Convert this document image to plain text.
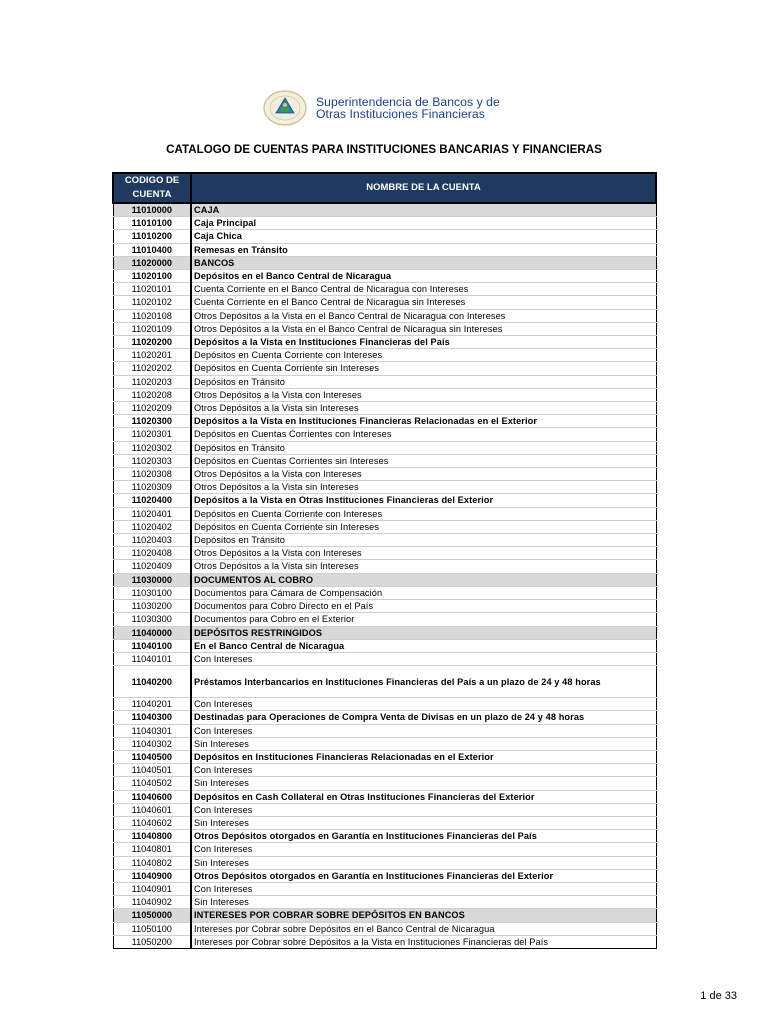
Superintendencia de Bancos y de
Otras Instituciones Financieras
CATALOGO DE CUENTAS PARA INSTITUCIONES BANCARIAS Y FINANCIERAS
CODIGO DE
CUENTA	NOMBRE DE LA CUENTA
11010000	CAJA
11010100	Caja Principal
11010200	Caja Chica
11010400	Remesas en Tránsito
11020000	BANCOS
11020100	Depósitos en el Banco Central de Nicaragua
11020101	Cuenta Corriente en el Banco Central de Nicaragua con Intereses
11020102	Cuenta Corriente en el Banco Central de Nicaragua sin Intereses
11020108	Otros Depósitos a la Vista en el Banco Central de Nicaragua con Intereses
11020109	Otros Depósitos a la Vista en el Banco Central de Nicaragua sin Intereses
11020200	Depósitos a la Vista en Instituciones Financieras del País
11020201	Depósitos en Cuenta Corriente con Intereses
11020202	Depósitos en Cuenta Corriente sin Intereses
11020203	Depósitos en Tránsito
11020208	Otros Depósitos a la Vista con Intereses
11020209	Otros Depósitos a la Vista sin Intereses
11020300	Depósitos a la Vista en Instituciones Financieras Relacionadas en el Exterior
11020301	Depósitos en Cuentas Corrientes con Intereses
11020302	Depósitos en Tránsito
11020303	Depósitos en Cuentas Corrientes sin Intereses
11020308	Otros Depósitos a la Vista con Intereses
11020309	Otros Depósitos a la Vista sin Intereses
11020400	Depósitos a la Vista en Otras Instituciones Financieras del Exterior
11020401	Depósitos en Cuenta Corriente con Intereses
11020402	Depósitos en Cuenta Corriente sin Intereses
11020403	Depósitos en Tránsito
11020408	Otros Depósitos a la Vista con Intereses
11020409	Otros Depósitos a la Vista sin Intereses
11030000	DOCUMENTOS AL COBRO
11030100	Documentos para Cámara de Compensación
11030200	Documentos para Cobro Directo en el País
11030300	Documentos para Cobro en el Exterior
11040000	DEPÓSITOS RESTRINGIDOS
11040100	En el Banco Central de Nicaragua
11040101	Con Intereses
11040200	Préstamos Interbancarios en Instituciones Financieras del País a un plazo de 24 y 48 horas
11040201	Con Intereses
11040300	Destinadas para Operaciones de Compra Venta de Divisas en un plazo de 24 y 48 horas
11040301	Con Intereses
11040302	Sin Intereses
11040500	Depósitos en Instituciones Financieras Relacionadas en el Exterior
11040501	Con Intereses
11040502	Sin Intereses
11040600	Depósitos en Cash Collateral en Otras Instituciones Financieras del Exterior
11040601	Con Intereses
11040602	Sin Intereses
11040800	Otros Depósitos otorgados en Garantía en Instituciones Financieras del País
11040801	Con Intereses
11040802	Sin Intereses
11040900	Otros Depósitos otorgados en Garantía en Instituciones Financieras del Exterior
11040901	Con Intereses
11040902	Sin Intereses
11050000	INTERESES POR COBRAR SOBRE DEPÓSITOS EN BANCOS
11050100	Intereses por Cobrar sobre Depósitos en el Banco Central de Nicaragua
11050200	Intereses por Cobrar sobre Depósitos a la Vista en Instituciones Financieras del País
1 de 33
